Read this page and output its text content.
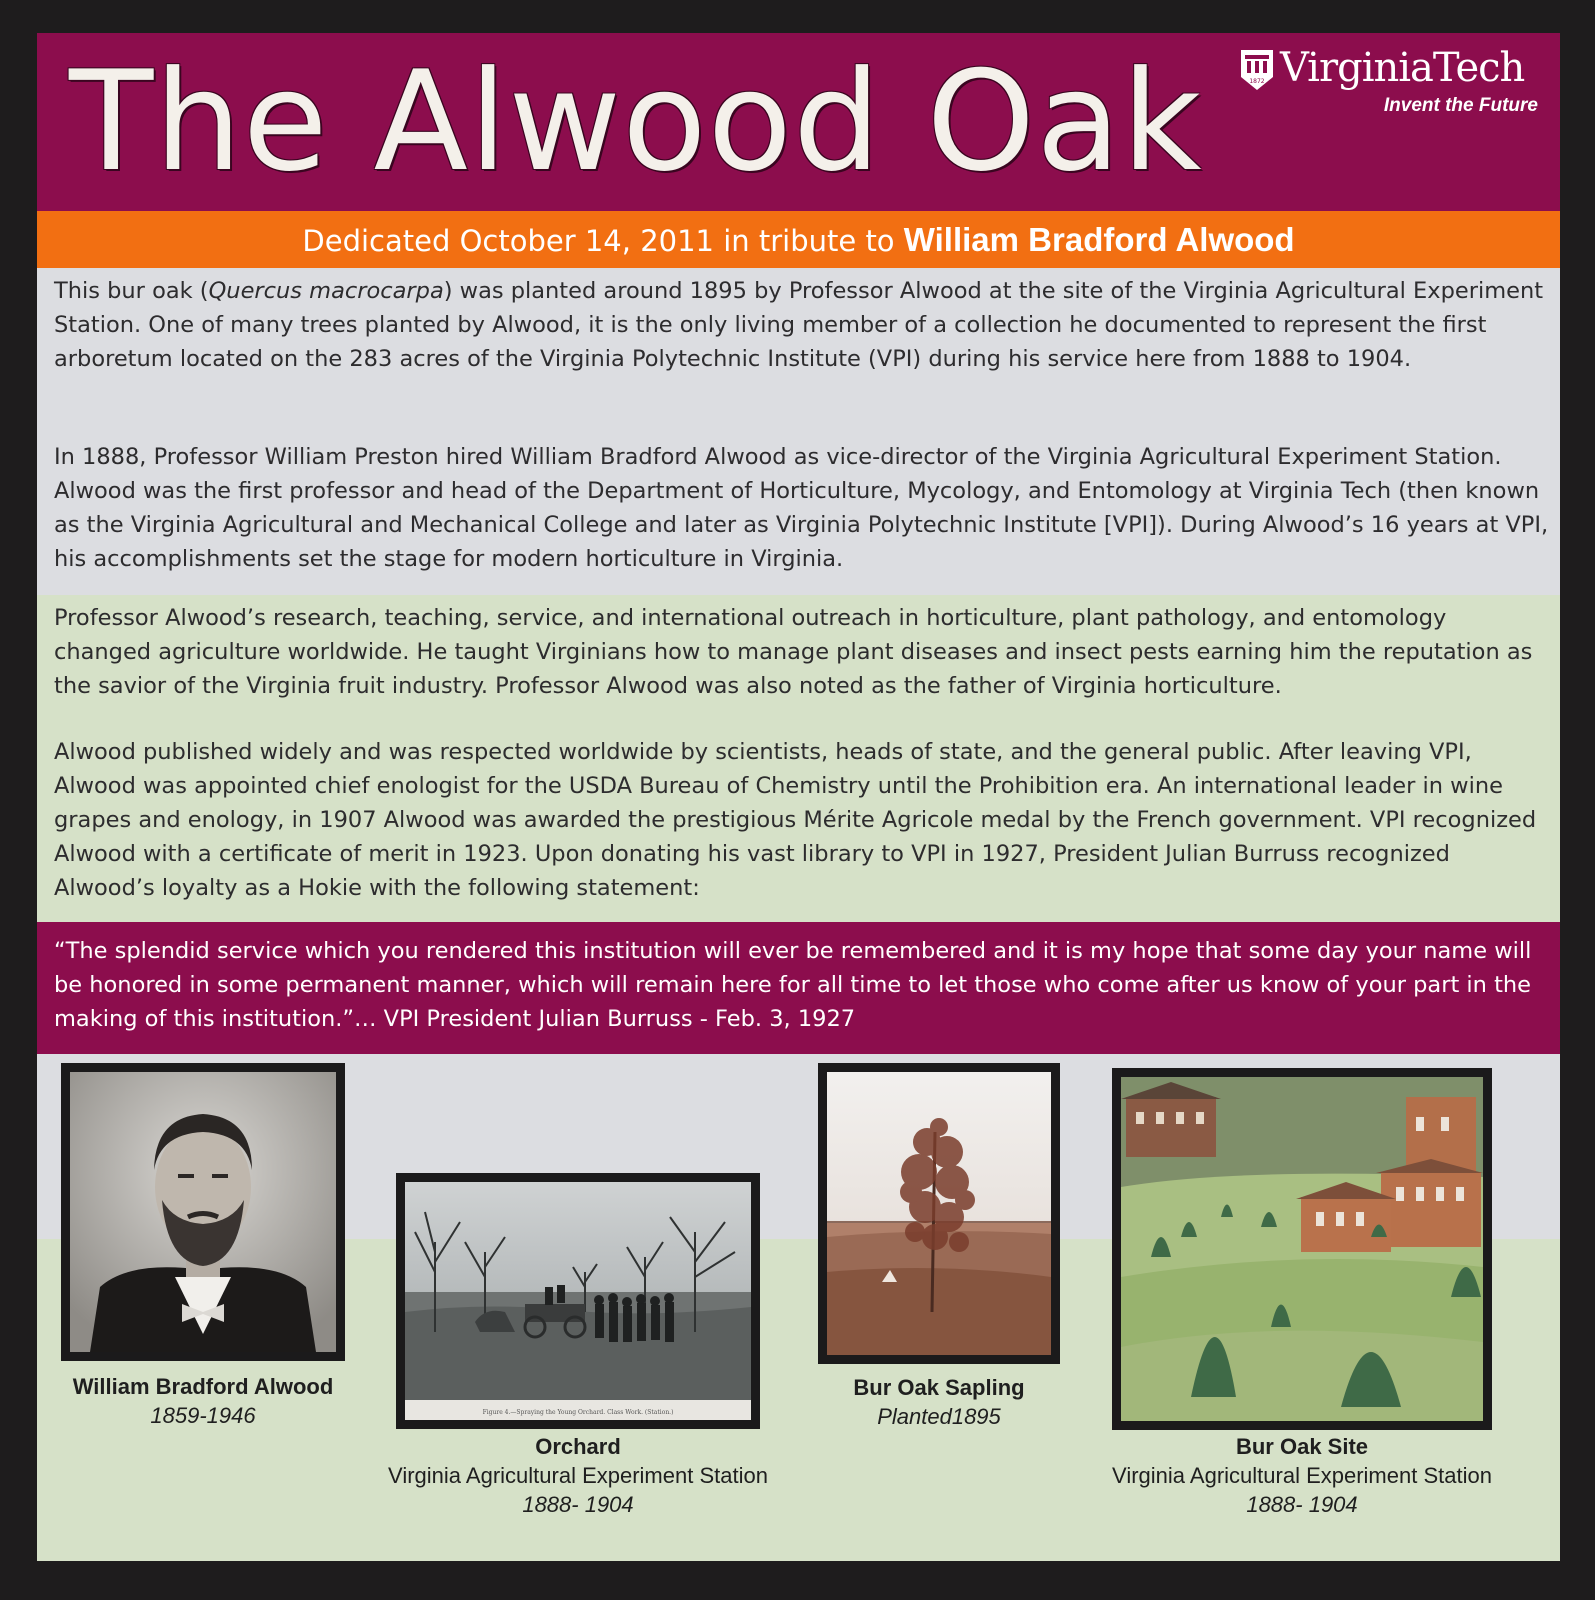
The Alwood Oak	1872 VirginiaTech
Invent the Future
Dedicated October 14, 2011 in tribute to William Bradford Alwood

This bur oak (Quercus macrocarpa) was planted around 1895 by Professor Alwood at the site of the Virginia Agricultural Experiment Station. One of many trees planted by Alwood, it is the only living member of a collection he documented to represent the first arboretum located on the 283 acres of the Virginia Polytechnic Institute (VPI) during his service here from 1888 to 1904.

In 1888, Professor William Preston hired William Bradford Alwood as vice-director of the Virginia Agricultural Experiment Station. Alwood was the first professor and head of the Department of Horticulture, Mycology, and Entomology at Virginia Tech (then known as the Virginia Agricultural and Mechanical College and later as Virginia Polytechnic Institute [VPI]). During Alwood’s 16 years at VPI, his accomplishments set the stage for modern horticulture in Virginia.

Professor Alwood’s research, teaching, service, and international outreach in horticulture, plant pathology, and entomology changed agriculture worldwide. He taught Virginians how to manage plant diseases and insect pests earning him the reputation as the savior of the Virginia fruit industry. Professor Alwood was also noted as the father of Virginia horticulture.

Alwood published widely and was respected worldwide by scientists, heads of state, and the general public. After leaving VPI, Alwood was appointed chief enologist for the USDA Bureau of Chemistry until the Prohibition era. An international leader in wine grapes and enology, in 1907 Alwood was awarded the prestigious Mérite Agricole medal by the French government. VPI recognized Alwood with a certificate of merit in 1923. Upon donating his vast library to VPI in 1927, President Julian Burruss recognized Alwood’s loyalty as a Hokie with the following statement:

“The splendid service which you rendered this institution will ever be remembered and it is my hope that some day your name will be honored in some permanent manner, which will remain here for all time to let those who come after us know of your part in the making of this institution.”… VPI President Julian Burruss - Feb. 3, 1927

William Bradford Alwood
1859-1946	Figure 4.—Spraying the Young Orchard. Class Work. (Station.)
Orchard
Virginia Agricultural Experiment Station
1888- 1904
Bur Oak Sapling
Planted1895
Bur Oak Site
Virginia Agricultural Experiment Station
1888- 1904
